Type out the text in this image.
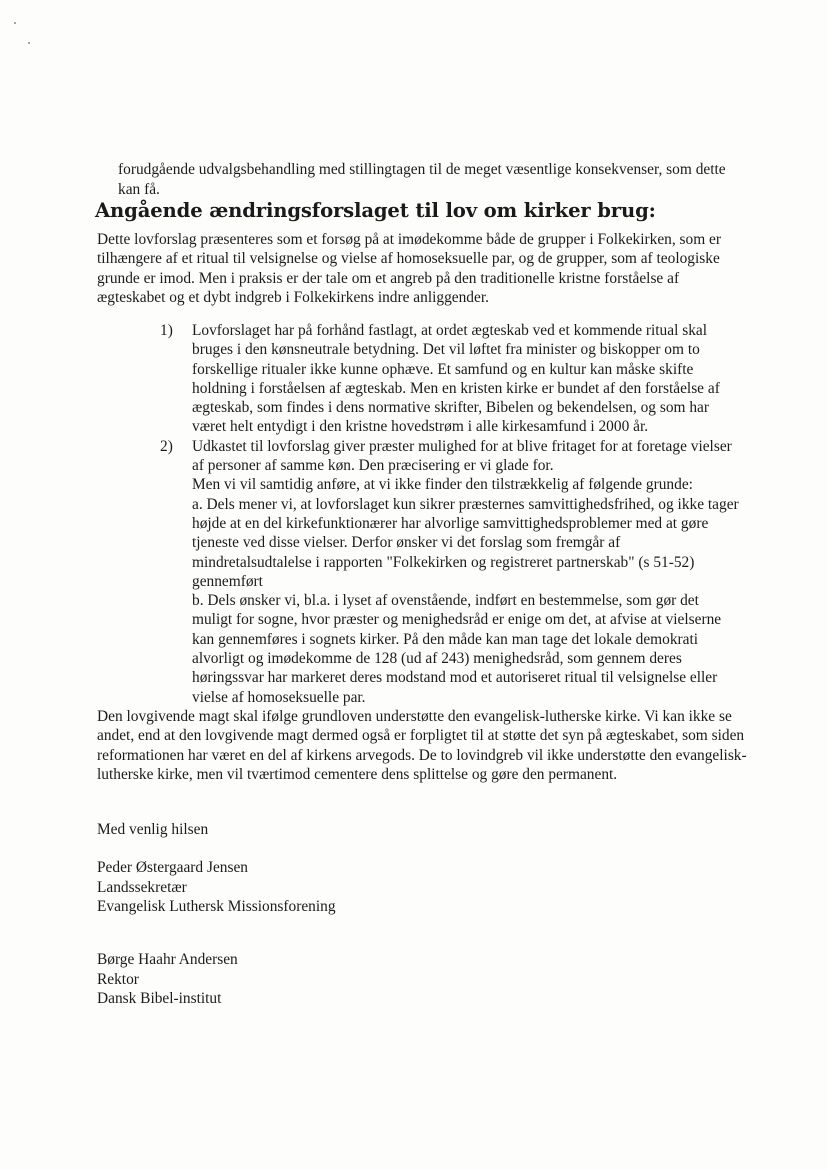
forudgående udvalgsbehandling med stillingtagen til de meget væsentlige konsekvenser, som dette kan få.

Angående ændringsforslaget til lov om kirker brug:

Dette lovforslag præsenteres som et forsøg på at imødekomme både de grupper i Folkekirken, som er tilhængere af et ritual til velsignelse og vielse af homoseksuelle par, og de grupper, som af teologiske grunde er imod. Men i praksis er der tale om et angreb på den traditionelle kristne forståelse af ægteskabet og et dybt indgreb i Folkekirkens indre anliggender.

1)	Lovforslaget har på forhånd fastlagt, at ordet ægteskab ved et kommende ritual skal bruges i den kønsneutrale betydning. Det vil løftet fra minister og biskopper om to forskellige ritualer ikke kunne ophæve. Et samfund og en kultur kan måske skifte holdning i forståelsen af ægteskab. Men en kristen kirke er bundet af den forståelse af ægteskab, som findes i dens normative skrifter, Bibelen og bekendelsen, og som har været helt entydigt i den kristne hovedstrøm i alle kirkesamfund i 2000 år.
2)	Udkastet til lovforslag giver præster mulighed for at blive fritaget for at foretage vielser af personer af samme køn. Den præcisering er vi glade for.
Men vi vil samtidig anføre, at vi ikke finder den tilstrækkelig af følgende grunde:
a. Dels mener vi, at lovforslaget kun sikrer præsternes samvittighedsfrihed, og ikke tager højde at en del kirkefunktionærer har alvorlige samvittighedsproblemer med at gøre tjeneste ved disse vielser. Derfor ønsker vi det forslag som fremgår af mindretalsudtalelse i rapporten "Folkekirken og registreret partnerskab" (s 51-52) gennemført
b. Dels ønsker vi, bl.a. i lyset af ovenstående, indført en bestemmelse, som gør det muligt for sogne, hvor præster og menighedsråd er enige om det, at afvise at vielserne kan gennemføres i sognets kirker. På den måde kan man tage det lokale demokrati alvorligt og imødekomme de 128 (ud af 243) menighedsråd, som gennem deres høringssvar har markeret deres modstand mod et autoriseret ritual til velsignelse eller vielse af homoseksuelle par.

Den lovgivende magt skal ifølge grundloven understøtte den evangelisk-lutherske kirke. Vi kan ikke se andet, end at den lovgivende magt dermed også er forpligtet til at støtte det syn på ægteskabet, som siden reformationen har været en del af kirkens arvegods. De to lovindgreb vil ikke understøtte den evangelisk-lutherske kirke, men vil tværtimod cementere dens splittelse og gøre den permanent.

Med venlig hilsen
Peder Østergaard Jensen
Landssekretær
Evangelisk Luthersk Missionsforening
Børge Haahr Andersen
Rektor
Dansk Bibel-institut
